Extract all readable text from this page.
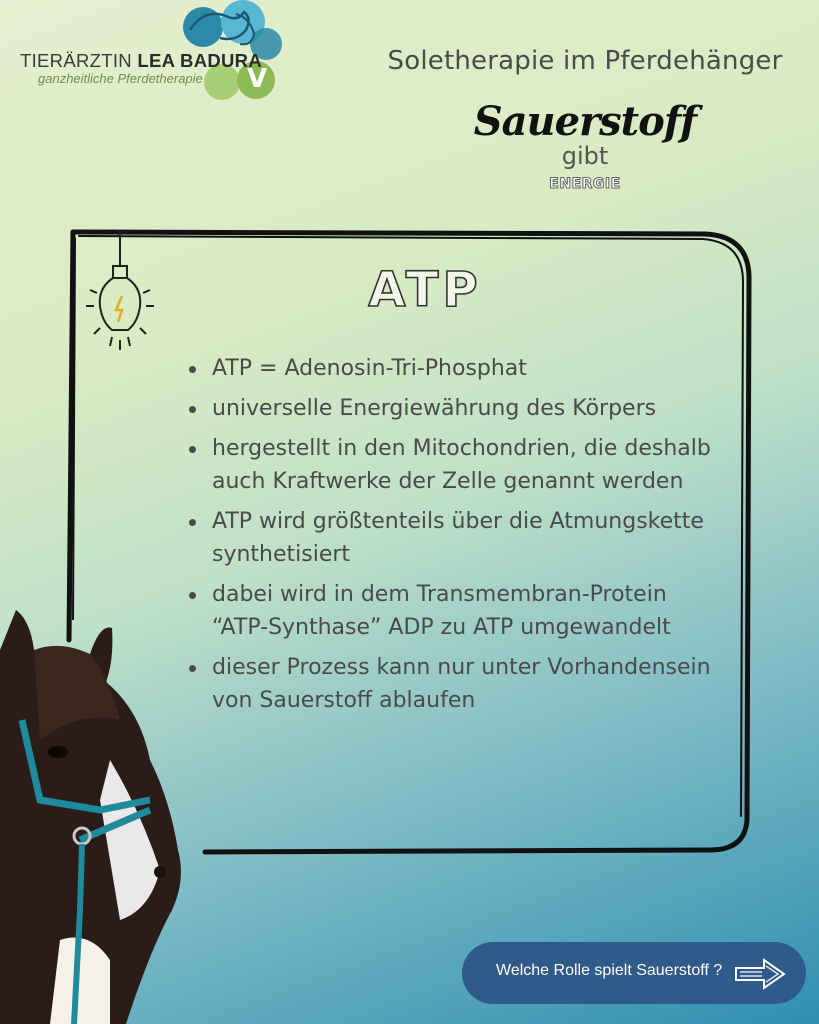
V
TIERÄRZTIN LEA BADURA
ganzheitliche Pferdetherapie
Soletherapie im Pferdehänger
Sauerstoff
gibt
ENERGIE
ATP
ATP = Adenosin-Tri-Phosphat
universelle Energiewährung des Körpers
hergestellt in den Mitochondrien, die deshalb auch Kraftwerke der Zelle genannt werden
ATP wird größtenteils über die Atmungskette synthetisiert
dabei wird in dem Transmembran-Protein “ATP-Synthase” ADP zu ATP umgewandelt
dieser Prozess kann nur unter Vorhandensein von Sauerstoff ablaufen
Welche Rolle spielt Sauerstoff ?
